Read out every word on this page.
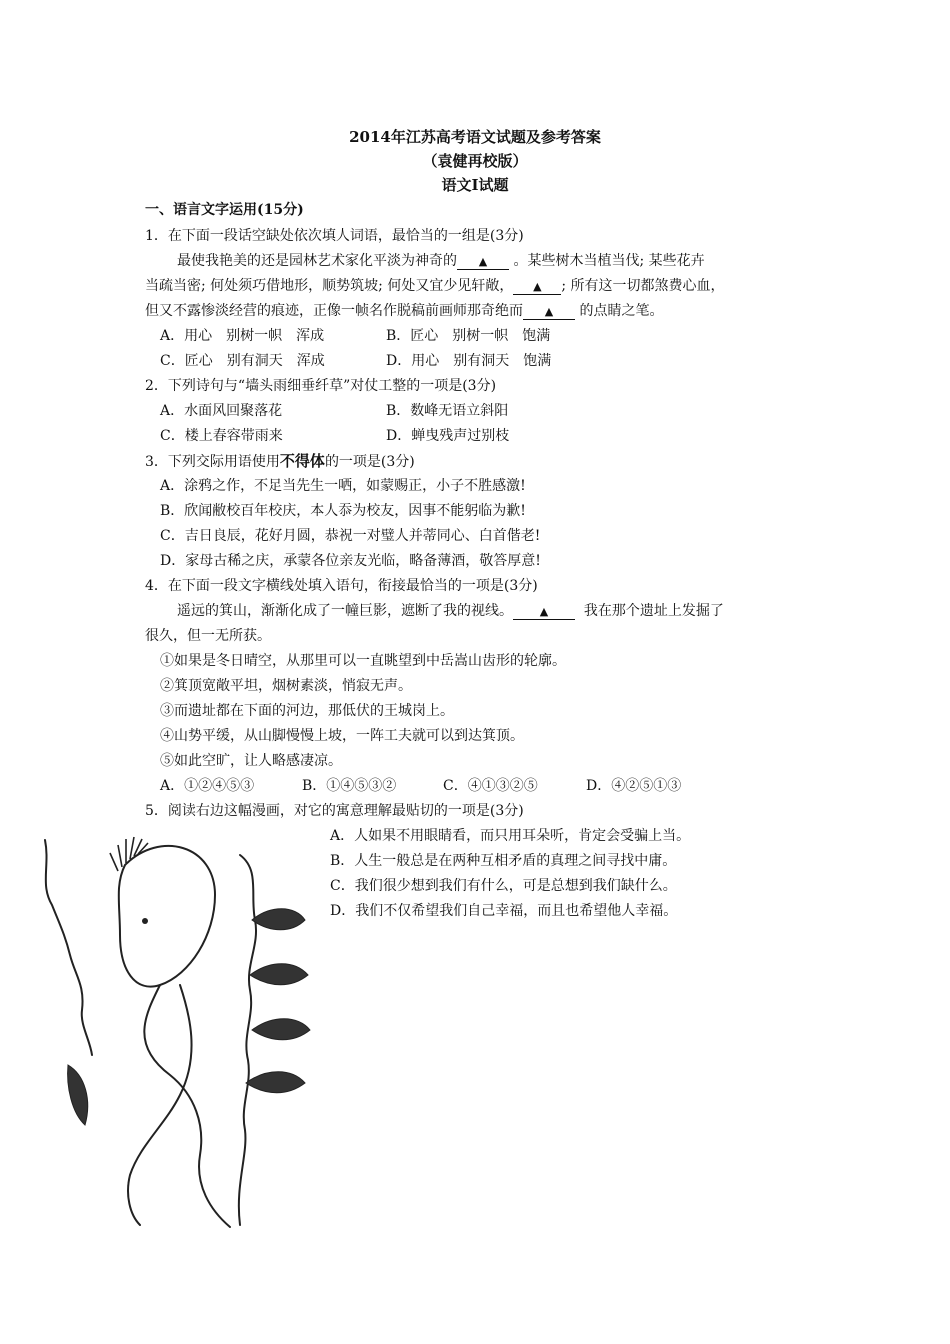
2014年江苏高考语文试题及参考答案
（袁健再校版）
语文Ⅰ试题
一、语言文字运用(15分)
1．在下面一段话空缺处依次填人词语，最恰当的一组是(3分)
最使我艳美的还是园林艺术家化平淡为神奇的 ▲ 。某些树木当植当伐; 某些花卉
当疏当密; 何处须巧借地形，顺势筑坡; 何处又宜少见轩敞， ▲ ; 所有这一切都煞费心血，
但又不露惨淡经营的痕迹，正像一帧名作脱稿前画师那奇绝而 ▲ 的点睛之笔。
A．用心　别树一帜　浑成	B．匠心　别树一帜　饱满
C．匠心　别有洞天　浑成	D．用心　别有洞天　饱满
2．下列诗句与“墙头雨细垂纤草”对仗工整的一项是(3分)
A．水面风回聚落花	B．数峰无语立斜阳
C．楼上春容带雨来	D．蝉曳残声过别枝
3．下列交际用语使用不得体的一项是(3分)
A．涂鸦之作，不足当先生一哂，如蒙赐正，小子不胜感激!
B．欣闻敝校百年校庆，本人忝为校友，因事不能躬临为歉!
C．吉日良辰，花好月圆，恭祝一对璧人并蒂同心、白首偕老!
D．家母古稀之庆，承蒙各位亲友光临，略备薄酒，敬答厚意!
4．在下面一段文字横线处填入语句，衔接最恰当的一项是(3分)
遥远的箕山，渐渐化成了一幢巨影，遮断了我的视线。 ▲	我在那个遗址上发掘了
很久，但一无所获。
①如果是冬日晴空，从那里可以一直眺望到中岳嵩山齿形的轮廓。
②箕顶宽敞平坦，烟树素淡，悄寂无声。
③而遗址都在下面的河边，那低伏的王城岗上。
④山势平缓，从山脚慢慢上坡，一阵工夫就可以到达箕顶。
⑤如此空旷，让人略感凄凉。
A．①②④⑤③	B．①④⑤③②	C．④①③②⑤	D．④②⑤①③
5．阅读右边这幅漫画，对它的寓意理解最贴切的一项是(3分)
A．人如果不用眼睛看，而只用耳朵听，肯定会受骗上当。
B．人生一般总是在两种互相矛盾的真理之间寻找中庸。
C．我们很少想到我们有什么，可是总想到我们缺什么。
D．我们不仅希望我们自己幸福，而且也希望他人幸福。
